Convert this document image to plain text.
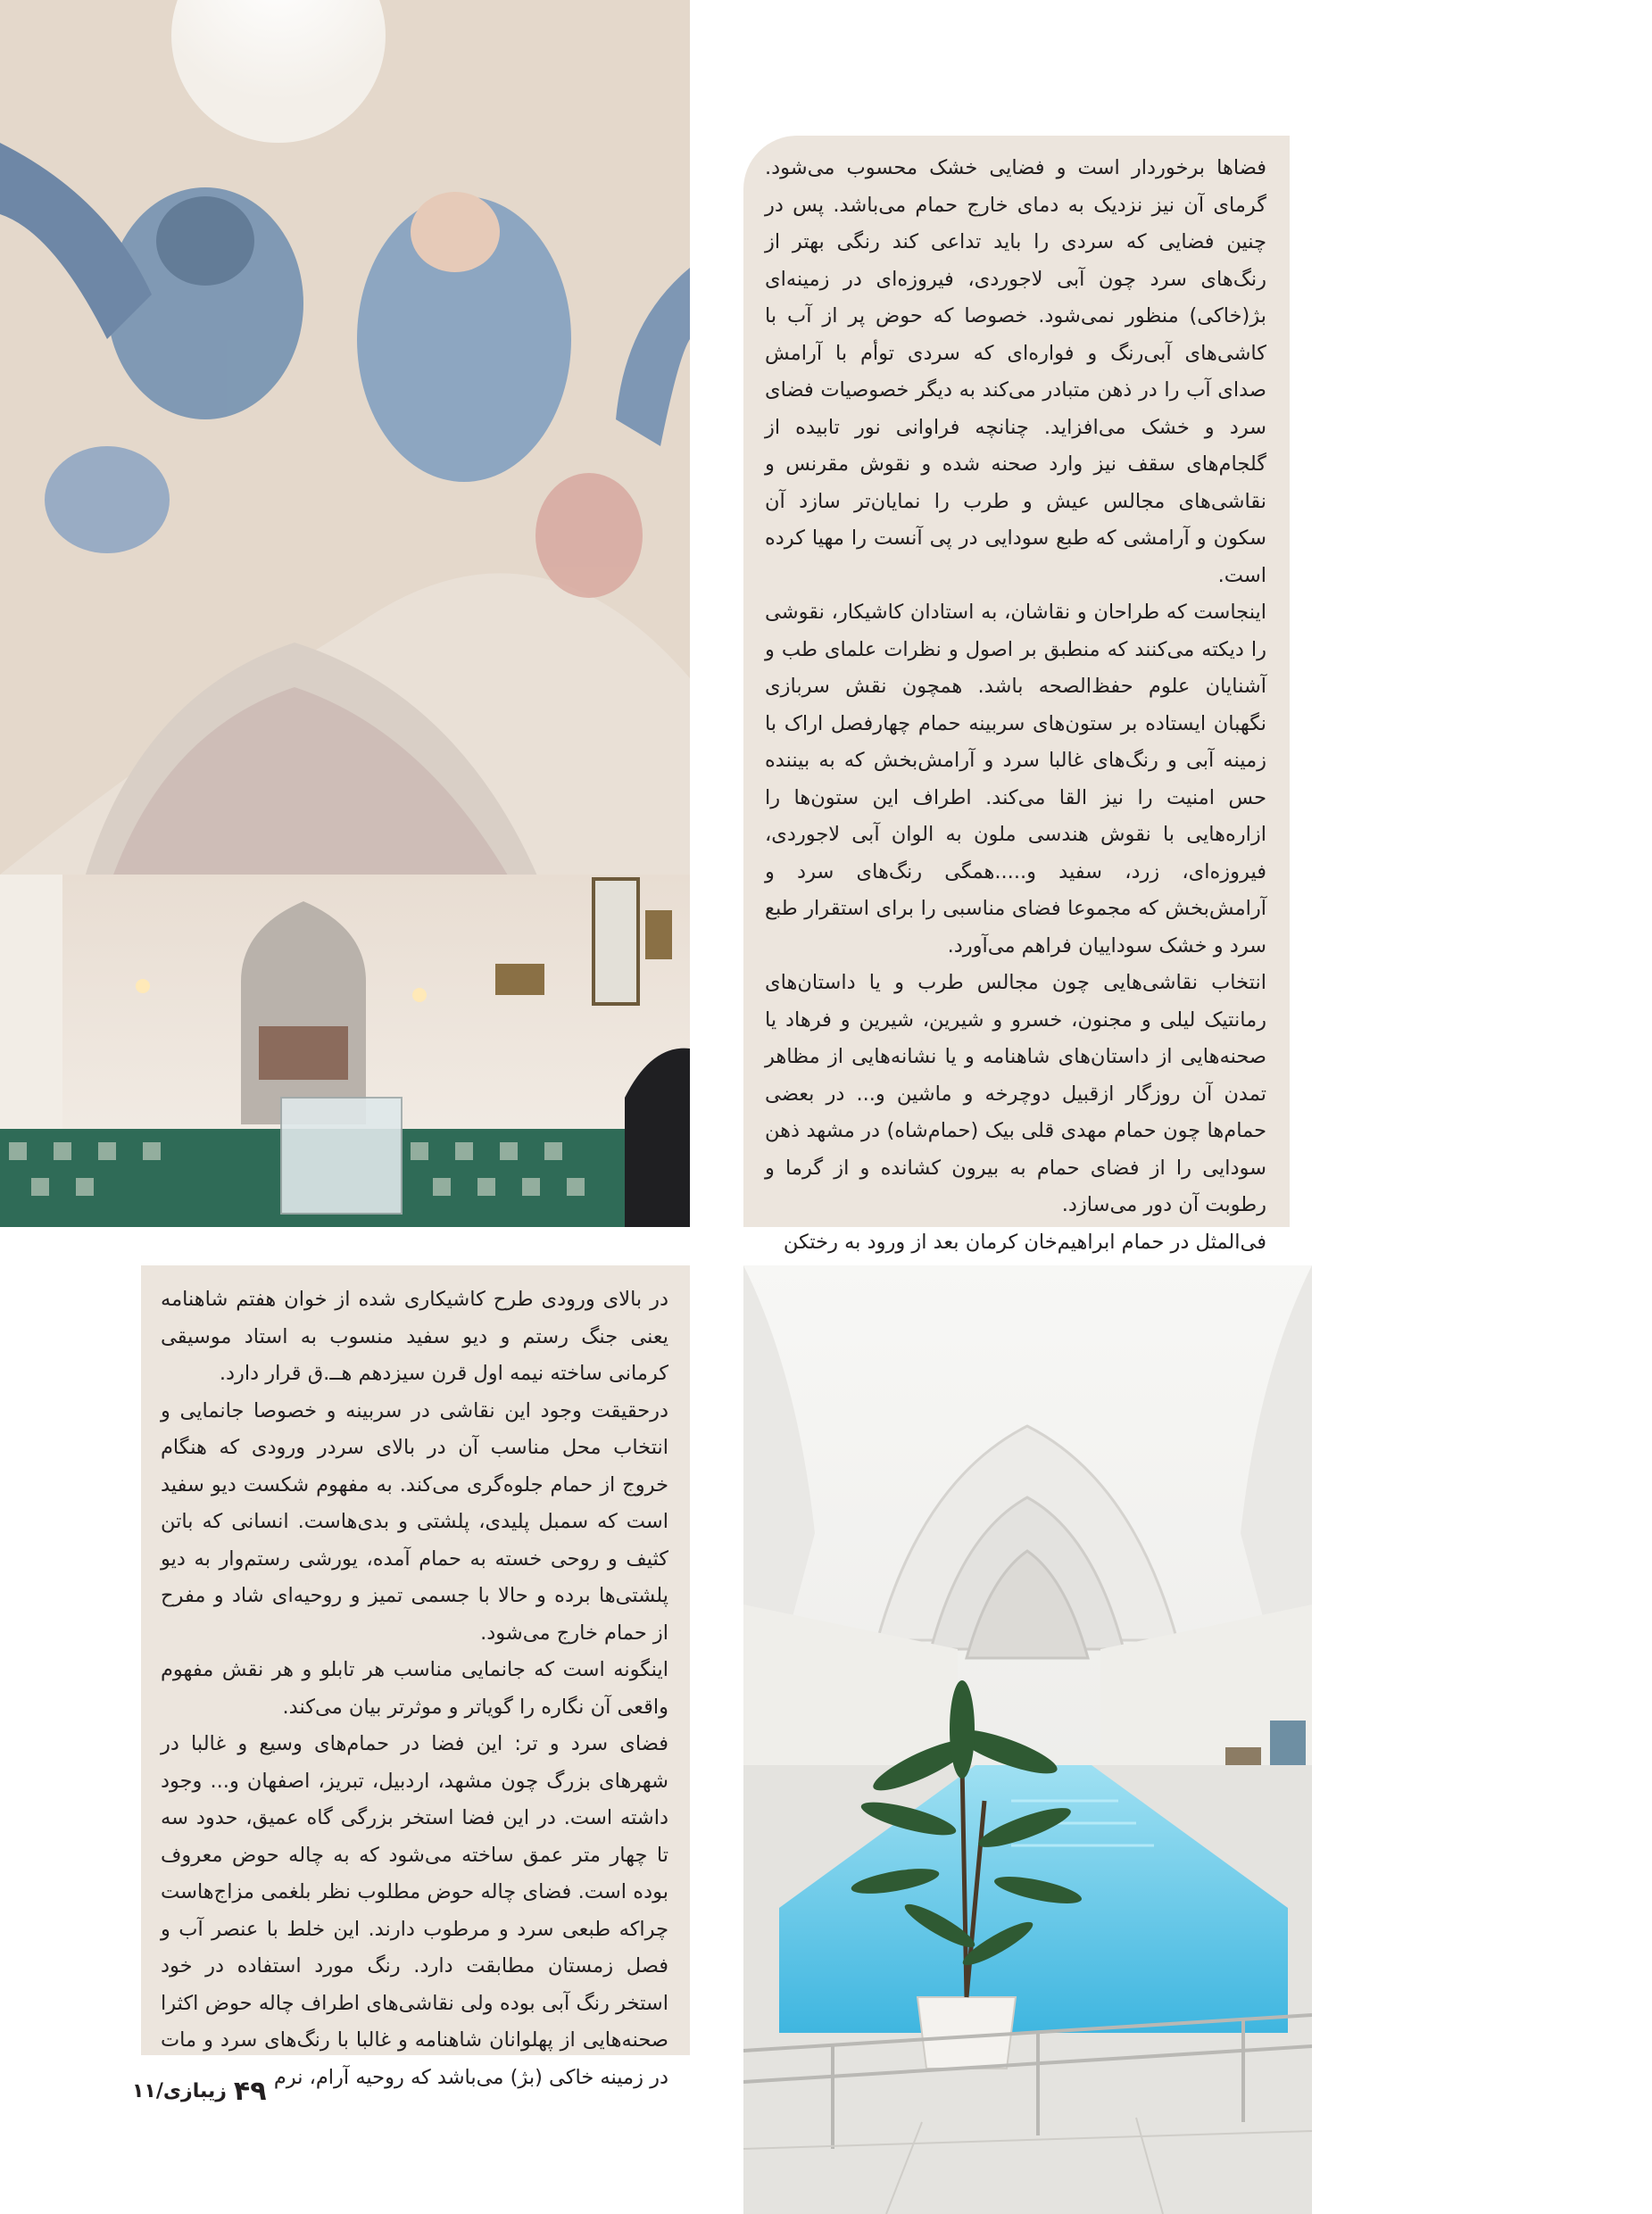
فضاها برخوردار است و فضایی خشک محسوب می‌شود. گرمای آن نیز نزدیک به دمای خارج حمام می‌باشد. پس در چنین فضایی که سردی را باید تداعی کند رنگی بهتر از رنگ‌های سرد چون آبی لاجوردی، فیروزه‌ای در زمینه‌ای بژ(خاکی) منظور نمی‌شود. خصوصا که حوض پر از آب با کاشی‌های آبی‌رنگ و فواره‌ای که سردی توأم با آرامش صدای آب را در ذهن متبادر می‌کند به دیگر خصوصیات فضای سرد و خشک می‌افزاید. چنانچه فراوانی نور تابیده از گلجام‌های سقف نیز وارد صحنه شده و نقوش مقرنس و نقاشی‌های مجالس عیش و طرب را نمایان‌تر سازد آن سکون و آرامشی که طبع سودایی در پی آنست را مهیا کرده است.

اینجاست که طراحان و نقاشان، به استادان کاشیکار، نقوشی را دیکته می‌کنند که منطبق بر اصول و نظرات علمای طب و آشنایان علوم حفظ‌الصحه باشد. همچون نقش سربازی نگهبان ایستاده بر ستون‌های سربینه حمام چهارفصل اراک با زمینه آبی و رنگ‌های غالبا سرد و آرامش‌بخش که به بیننده حس امنیت را نیز القا می‌کند. اطراف این ستون‌ها را ازاره‌هایی با نقوش هندسی ملون به الوان آبی لاجوردی، فیروزه‌ای، زرد، سفید و.....همگی رنگ‌های سرد و آرامش‌بخش که مجموعا فضای مناسبی را برای استقرار طبع سرد و خشک سوداییان فراهم می‌آورد.

انتخاب نقاشی‌هایی چون مجالس طرب و یا داستان‌های رمانتیک لیلی و مجنون، خسرو و شیرین، شیرین و فرهاد یا صحنه‌هایی از داستان‌های شاهنامه و یا نشانه‌هایی از مظاهر تمدن آن روزگار ازقبیل دوچرخه و ماشین و... در بعضی حمام‌ها چون حمام مهدی قلی بیک (حمام‌شاه) در مشهد ذهن سودایی را از فضای حمام به بیرون کشانده و از گرما و رطوبت آن دور می‌سازد.

فی‌المثل در حمام ابراهیم‌خان کرمان بعد از ورود به رختکن

در بالای ورودی طرح کاشیکاری شده از خوان هفتم شاهنامه یعنی جنگ رستم و دیو سفید منسوب به استاد موسیقی کرمانی ساخته نیمه اول قرن سیزدهم هــ.ق قرار دارد.

درحقیقت وجود این نقاشی در سربینه و خصوصا جانمایی و انتخاب محل مناسب آن در بالای سردر ورودی که هنگام خروج از حمام جلوه‌گری می‌کند. به مفهوم شکست دیو سفید است که سمبل پلیدی، پلشتی و بدی‌هاست. انسانی که باتن کثیف و روحی خسته به حمام آمده، یورشی رستم‌وار به دیو پلشتی‌ها برده و حالا با جسمی تمیز و روحیه‌ای شاد و مفرح از حمام خارج می‌شود.

اینگونه است که جانمایی مناسب هر تابلو و هر نقش مفهوم واقعی آن نگاره را گویاتر و موثرتر بیان می‌کند.

فضای سرد و تر: این فضا در حمام‌های وسیع و غالبا در شهرهای بزرگ چون مشهد، اردبیل، تبریز، اصفهان و... وجود داشته است. در این فضا استخر بزرگی گاه عمیق، حدود سه تا چهار متر عمق ساخته می‌شود که به چاله حوض معروف بوده است. فضای چاله حوض مطلوب نظر بلغمی مزاج‌هاست چراکه طبعی سرد و مرطوب دارند. این خلط با عنصر آب و فصل زمستان مطابقت دارد. رنگ مورد استفاده در خود استخر رنگ آبی بوده ولی نقاشی‌های اطراف چاله حوض اکثرا صحنه‌هایی از پهلوانان شاهنامه و غالبا با رنگ‌های سرد و مات در زمینه خاکی (بژ) می‌باشد که روحیه آرام، نرم

۴۹
زیبازی/۱۱
